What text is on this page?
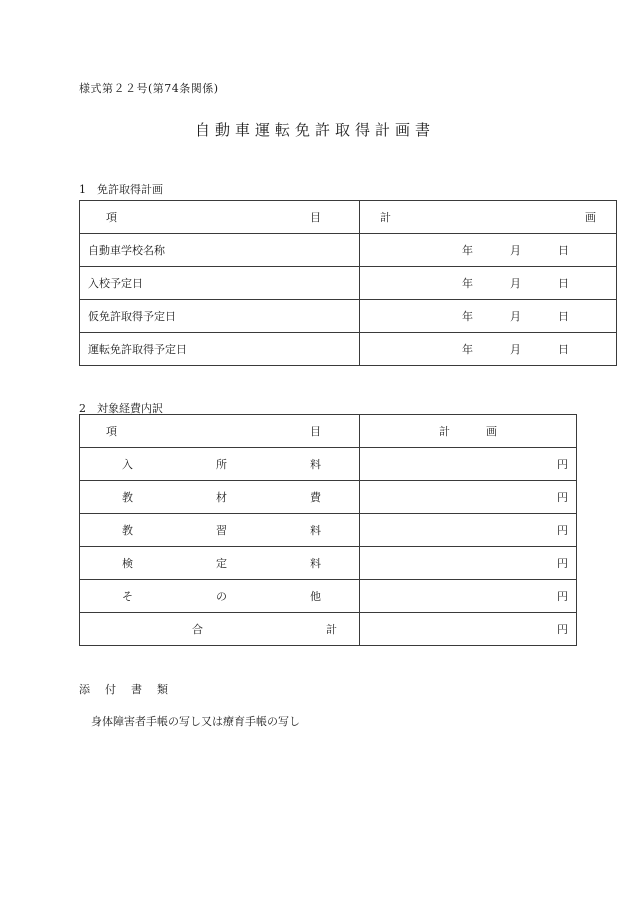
様式第２２号(第74条関係)
自動車運転免許取得計画書
1 免許取得計画
項 目	計 画

自動車学校名称	年 月 日

入校予定日	年 月 日

仮免許取得予定日	年 月 日

運転免許取得予定日	年 月 日
2 対象経費内訳
項 目	計 画

入 所 料	円

教 材 費	円

教 習 料	円

検 定 料	円

そ の 他	円

合 計	円
添 付 書 類
身体障害者手帳の写し又は療育手帳の写し
